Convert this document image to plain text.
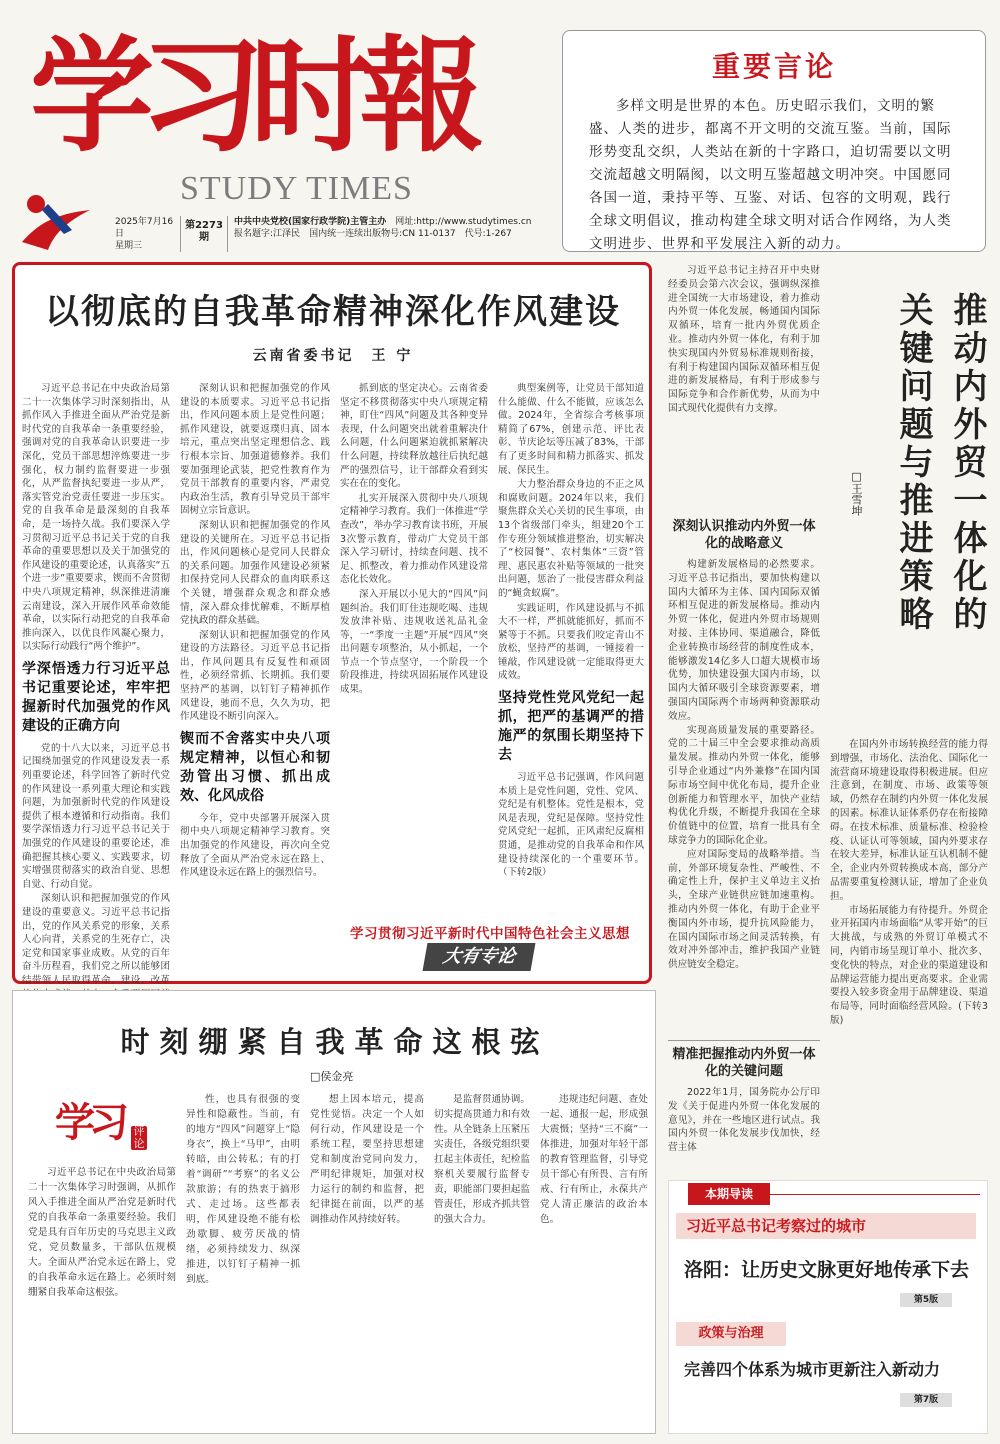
学习时報
STUDY TIMES
2025年7月16日
星期三
第2273期
中共中央党校(国家行政学院)主管主办　 网址:http://www.studytimes.cn
报名题字:江泽民　 国内统一连续出版物号:CN 11-0137　 代号:1-267
重要言论
多样文明是世界的本色。历史昭示我们，文明的繁盛、人类的进步，都离不开文明的交流互鉴。当前，国际形势变乱交织，人类站在新的十字路口，迫切需要以文明交流超越文明隔阂，以文明互鉴超越文明冲突。中国愿同各国一道，秉持平等、互鉴、对话、包容的文明观，践行全球文明倡议，推动构建全球文明对话合作网络，为人类文明进步、世界和平发展注入新的动力。
以彻底的自我革命精神深化作风建设
云南省委书记　王 宁

习近平总书记在中央政治局第二十一次集体学习时深刻指出，从抓作风入手推进全面从严治党是新时代党的自我革命一条重要经验，强调对党的自我革命认识要进一步深化，党员干部思想淬炼要进一步强化，权力制约监督要进一步强化，从严监督执纪要进一步从严，落实管党治党责任要进一步压实。党的自我革命是最深刻的自我革命，是一场持久战。我们要深入学习贯彻习近平总书记关于党的自我革命的重要思想以及关于加强党的作风建设的重要论述，认真落实“五个进一步”重要要求，锲而不舍贯彻中央八项规定精神，纵深推进清廉云南建设，深入开展作风革命效能革命，以实际行动把党的自我革命推向深入，以优良作风凝心聚力，以实际行动践行“两个维护”。

学深悟透力行习近平总书记重要论述，牢牢把握新时代加强党的作风建设的正确方向

党的十八大以来，习近平总书记围绕加强党的作风建设发表一系列重要论述，科学回答了新时代党的作风建设一系列重大理论和实践问题，为加强新时代党的作风建设提供了根本遵循和行动指南。我们要学深悟透力行习近平总书记关于加强党的作风建设的重要论述，准确把握其核心要义、实践要求，切实增强贯彻落实的政治自觉、思想自觉、行动自觉。

深刻认识和把握加强党的作风建设的重要意义。习近平总书记指出，党的作风关系党的形象，关系人心向背，关系党的生死存亡，决定党和国家事业成败。从党的百年奋斗历程看，我们党之所以能够团结带领人民取得革命、建设、改革

深刻认识和把握加强党的作风建设的本质要求。习近平总书记指出，作风问题本质上是党性问题；抓作风建设，就要返璞归真、固本培元，重点突出坚定理想信念、践行根本宗旨、加强道德修养。我们要加强理论武装，把党性教育作为党员干部教育的重要内容，严肃党内政治生活，教育引导党员干部牢固树立宗旨意识。

深刻认识和把握加强党的作风建设的关键所在。习近平总书记指出，作风问题核心是党同人民群众的关系问题。加强作风建设必须紧扣保持党同人民群众的血肉联系这个关键，增强群众观念和群众感情，深入群众排忧解难，不断厚植党执政的群众基础。

深刻认识和把握加强党的作风建设的方法路径。习近平总书记指出，作风问题具有反复性和顽固性，必须经常抓、长期抓。我们要坚持严的基调，以钉钉子精神抓作风建设，驰而不息，久久为功，把作风建设不断引向深入。

锲而不舍落实中央八项规定精神，以恒心和韧劲管出习惯、抓出成效、化风成俗

今年，党中央部署开展深入贯彻中央八项规定精神学习教育。突出加强党的作风建设，再次向全党释放了全面从严治党永远在路上、作风建设永远在路上的强烈信号。

抓到底的坚定决心。云南省委坚定不移贯彻落实中央八项规定精神，盯住“四风”问题及其各种变异表现，什么问题突出就着重解决什么问题，什么问题紧迫就抓紧解决什么问题，持续释放越往后执纪越严的强烈信号，让干部群众看到实实在在的变化。

扎实开展深入贯彻中央八项规定精神学习教育。我们一体推进“学查改”，举办学习教育读书班，开展3次警示教育，带动广大党员干部深入学习研讨，持续查问题、找不足、抓整改，着力推动作风建设常态化长效化。

深入开展以小见大的“四风”问题纠治。我们盯住违规吃喝、违规发放津补贴、违规收送礼品礼金等，一“季度一主题”开展“四风”突出问题专项整治，从小抓起，一个节点一个节点坚守，一个阶段一个阶段推进，持续巩固拓展作风建设成果。

典型案例等，让党员干部知道什么能做、什么不能做，应该怎么做。2024年，全省综合考核事项精简了67%，创建示范、评比表彰、节庆论坛等压减了83%，干部有了更多时间和精力抓落实、抓发展、保民生。

大力整治群众身边的不正之风和腐败问题。2024年以来，我们聚焦群众关心关切的民生事项，由13个省级部门牵头，组建20个工作专班分领域推进整治，切实解决了“校园餐”、农村集体“三资”管理、惠民惠农补贴等领域的一批突出问题，惩治了一批侵害群众利益的“蝇贪蚁腐”。

实践证明，作风建设抓与不抓大不一样，严抓就能抓好，抓而不紧等于不抓。只要我们咬定青山不放松，坚持严的基调，一锤接着一锤敲，作风建设就一定能取得更大成效。

坚持党性党风党纪一起抓，把严的基调严的措施严的氛围长期坚持下去

习近平总书记强调，作风问题本质上是党性问题，党性、党风、党纪是有机整体。党性是根本，党风是表现，党纪是保障。坚持党性党风党纪一起抓，正风肃纪反腐相贯通，是推动党的自我革命和作风建设持续深化的一个重要环节。（下转2版）

学习贯彻习近平新时代中国特色社会主义思想
大有专论
时刻绷紧自我革命这根弦
□侯金亮
学习 评论

习近平总书记在中央政治局第二十一次集体学习时强调，从抓作风入手推进全面从严治党是新时代党的自我革命一条重要经验。我们党是具有百年历史的马克思主义政党，党员数量多，干部队伍规模大。全面从严治党永远在路上，党的自我革命永远在路上。必须时刻绷紧自我革命这根弦。

性，也具有很强的变异性和隐蔽性。当前，有的地方“四风”问题穿上“隐身衣”，换上“马甲”，由明转暗，由公转私；有的打着“调研”“考察”的名义公款旅游；有的热衷于搞形式、走过场。这些都表明，作风建设绝不能有松劲歇脚、疲劳厌战的情绪，必须持续发力、纵深推进，以钉钉子精神一抓到底。

想上因本培元，提高党性觉悟。决定一个人如何行动，作风建设是一个系统工程，要坚持思想建党和制度治党同向发力，严明纪律规矩，加强对权力运行的制约和监督，把纪律挺在前面，以严的基调推动作风持续好转。

是监督贯通协调。切实提高贯通力和有效性。从全链条上压紧压实责任，各级党组织要扛起主体责任，纪检监察机关要履行监督专责，职能部门要担起监管责任，形成齐抓共管的强大合力。

违规违纪问题、查处一起、通报一起，形成强大震慑；坚持“三不腐”一体推进，加强对年轻干部的教育管理监督，引导党员干部心有所畏、言有所戒、行有所止，永葆共产党人清正廉洁的政治本色。

习近平总书记主持召开中央财经委员会第六次会议，强调纵深推进全国统一大市场建设，着力推动内外贸一体化发展，畅通国内国际双循环，培育一批内外贸优质企业。推动内外贸一体化，有利于加快实现国内外贸易标准规则衔接，有利于构建国内国际双循环相互促进的新发展格局，有利于形成参与国际竞争和合作新优势，从而为中国式现代化提供有力支撑。

深刻认识推动内外贸一体化的战略意义

构建新发展格局的必然要求。习近平总书记指出，要加快构建以国内大循环为主体、国内国际双循环相互促进的新发展格局。推动内外贸一体化，促进内外贸市场规则对接、主体协同、渠道融合，降低企业转换市场经营的制度性成本，能够激发14亿多人口超大规模市场优势，加快建设强大国内市场，以国内大循环吸引全球资源要素，增强国内国际两个市场两种资源联动效应。

实现高质量发展的重要路径。党的二十届三中全会要求推动高质量发展。推动内外贸一体化，能够引导企业通过“内外兼修”在国内国际市场空间中优化布局，提升企业创新能力和管理水平，加快产业结构优化升级，不断提升我国在全球价值链中的位置，培育一批具有全球竞争力的国际化企业。

应对国际变局的战略举措。当前，外部环境复杂性、严峻性、不确定性上升，保护主义单边主义抬头，全球产业链供应链加速重构。推动内外贸一体化，有助于企业平衡国内外市场，提升抗风险能力，在国内国际市场之间灵活转换，有效对冲外部冲击，维护我国产业链供应链安全稳定。

推动内外贸一体化的
关键问题与推进策略
□王雪坤

在国内外市场转换经营的能力得到增强，市场化、法治化、国际化一流营商环境建设取得积极进展。但应注意到，在制度、市场、政策等领域，仍然存在制约内外贸一体化发展的因素。标准认证体系仍存在衔接障碍。在技术标准、质量标准、检验检疫、认证认可等领域，国内外要求存在较大差异，标准认证互认机制不健全，企业内外贸转换成本高，部分产品需要重复检测认证，增加了企业负担。

市场拓展能力有待提升。外贸企业开拓国内市场面临“从零开始”的巨大挑战，与成熟的外贸订单模式不同，内销市场呈现订单小、批次多、变化快的特点，对企业的渠道建设和品牌运营能力提出更高要求。企业需要投入较多资金用于品牌建设、渠道布局等，同时面临经营风险。(下转3版)

精准把握推动内外贸一体化的关键问题

2022年1月，国务院办公厅印发《关于促进内外贸一体化发展的意见》，并在一些地区进行试点。我国内外贸一体化发展步伐加快，经营主体

本期导读
习近平总书记考察过的城市
洛阳：让历史文脉更好地传承下去
第5版
政策与治理
完善四个体系为城市更新注入新动力
第7版
